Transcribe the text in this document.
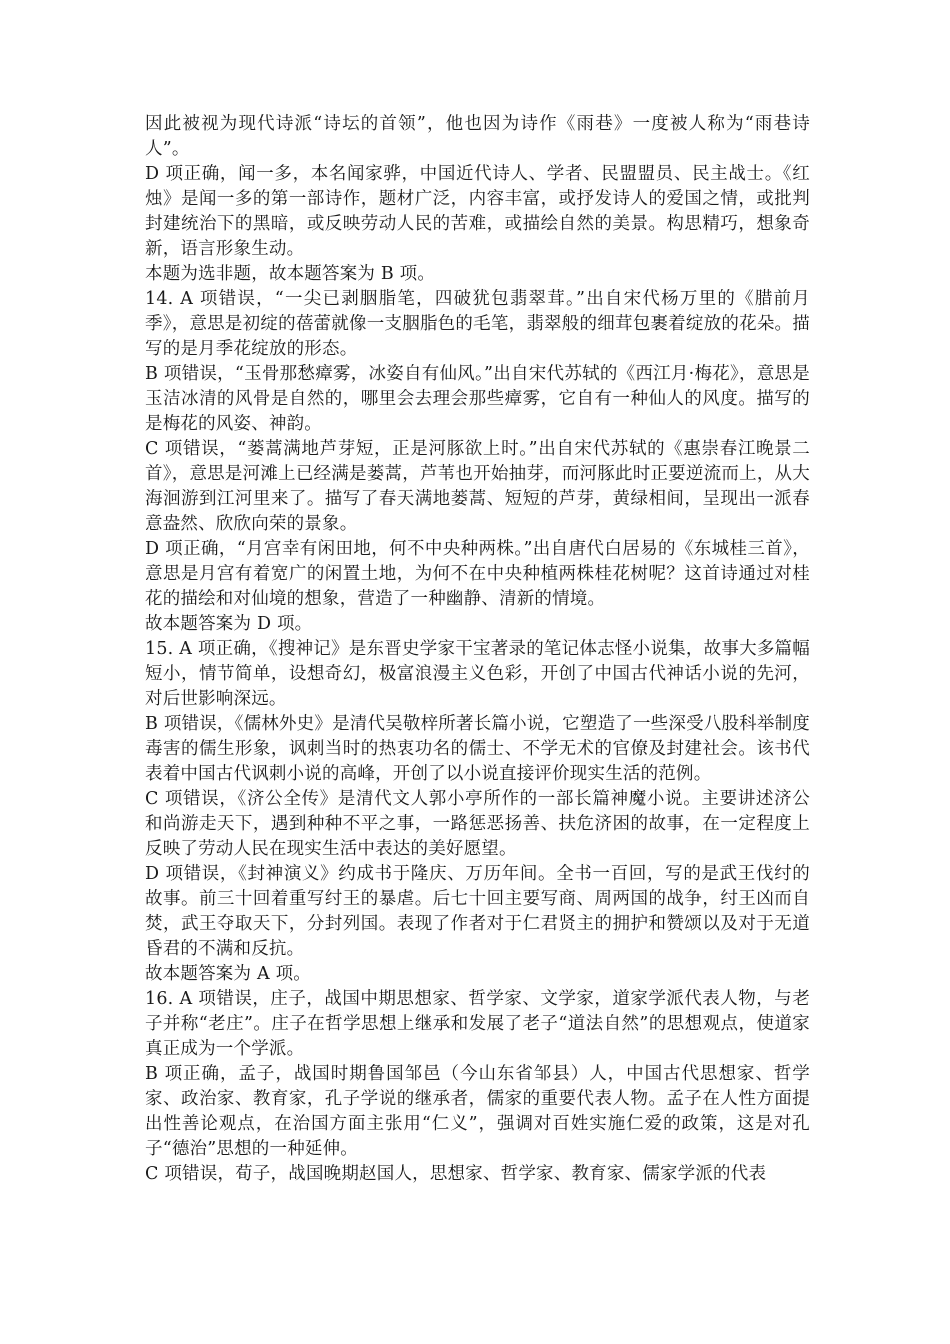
因此被视为现代诗派“诗坛的首领”，他也因为诗作《雨巷》一度被人称为“雨巷诗人”。

D 项正确，闻一多，本名闻家骅，中国近代诗人、学者、民盟盟员、民主战士。《红烛》是闻一多的第一部诗作，题材广泛，内容丰富，或抒发诗人的爱国之情，或批判封建统治下的黑暗，或反映劳动人民的苦难，或描绘自然的美景。构思精巧，想象奇新，语言形象生动。

本题为选非题，故本题答案为 B 项。

14. A 项错误，“一尖已剥胭脂笔，四破犹包翡翠茸。”出自宋代杨万里的《腊前月季》，意思是初绽的蓓蕾就像一支胭脂色的毛笔，翡翠般的细茸包裹着绽放的花朵。描写的是月季花绽放的形态。

B 项错误，“玉骨那愁瘴雾，冰姿自有仙风。”出自宋代苏轼的《西江月·梅花》，意思是玉洁冰清的风骨是自然的，哪里会去理会那些瘴雾，它自有一种仙人的风度。描写的是梅花的风姿、神韵。

C 项错误，“蒌蒿满地芦芽短，正是河豚欲上时。”出自宋代苏轼的《惠崇春江晚景二首》，意思是河滩上已经满是蒌蒿，芦苇也开始抽芽，而河豚此时正要逆流而上，从大海洄游到江河里来了。描写了春天满地蒌蒿、短短的芦芽，黄绿相间，呈现出一派春意盎然、欣欣向荣的景象。

D 项正确，“月宫幸有闲田地，何不中央种两株。”出自唐代白居易的《东城桂三首》，意思是月宫有着宽广的闲置土地，为何不在中央种植两株桂花树呢？这首诗通过对桂花的描绘和对仙境的想象，营造了一种幽静、清新的情境。

故本题答案为 D 项。

15. A 项正确，《搜神记》是东晋史学家干宝著录的笔记体志怪小说集，故事大多篇幅短小，情节简单，设想奇幻，极富浪漫主义色彩，开创了中国古代神话小说的先河，对后世影响深远。

B 项错误，《儒林外史》是清代吴敬梓所著长篇小说，它塑造了一些深受八股科举制度毒害的儒生形象，讽刺当时的热衷功名的儒士、不学无术的官僚及封建社会。该书代表着中国古代讽刺小说的高峰，开创了以小说直接评价现实生活的范例。

C 项错误，《济公全传》是清代文人郭小亭所作的一部长篇神魔小说。主要讲述济公和尚游走天下，遇到种种不平之事，一路惩恶扬善、扶危济困的故事，在一定程度上反映了劳动人民在现实生活中表达的美好愿望。

D 项错误，《封神演义》约成书于隆庆、万历年间。全书一百回，写的是武王伐纣的故事。前三十回着重写纣王的暴虐。后七十回主要写商、周两国的战争，纣王凶而自焚，武王夺取天下，分封列国。表现了作者对于仁君贤主的拥护和赞颂以及对于无道昏君的不满和反抗。

故本题答案为 A 项。

16. A 项错误，庄子，战国中期思想家、哲学家、文学家，道家学派代表人物，与老子并称“老庄”。庄子在哲学思想上继承和发展了老子“道法自然”的思想观点，使道家真正成为一个学派。

B 项正确，孟子，战国时期鲁国邹邑（今山东省邹县）人，中国古代思想家、哲学家、政治家、教育家，孔子学说的继承者，儒家的重要代表人物。孟子在人性方面提出性善论观点，在治国方面主张用“仁义”，强调对百姓实施仁爱的政策，这是对孔子“德治”思想的一种延伸。

C 项错误，荀子，战国晚期赵国人，思想家、哲学家、教育家、儒家学派的代表
